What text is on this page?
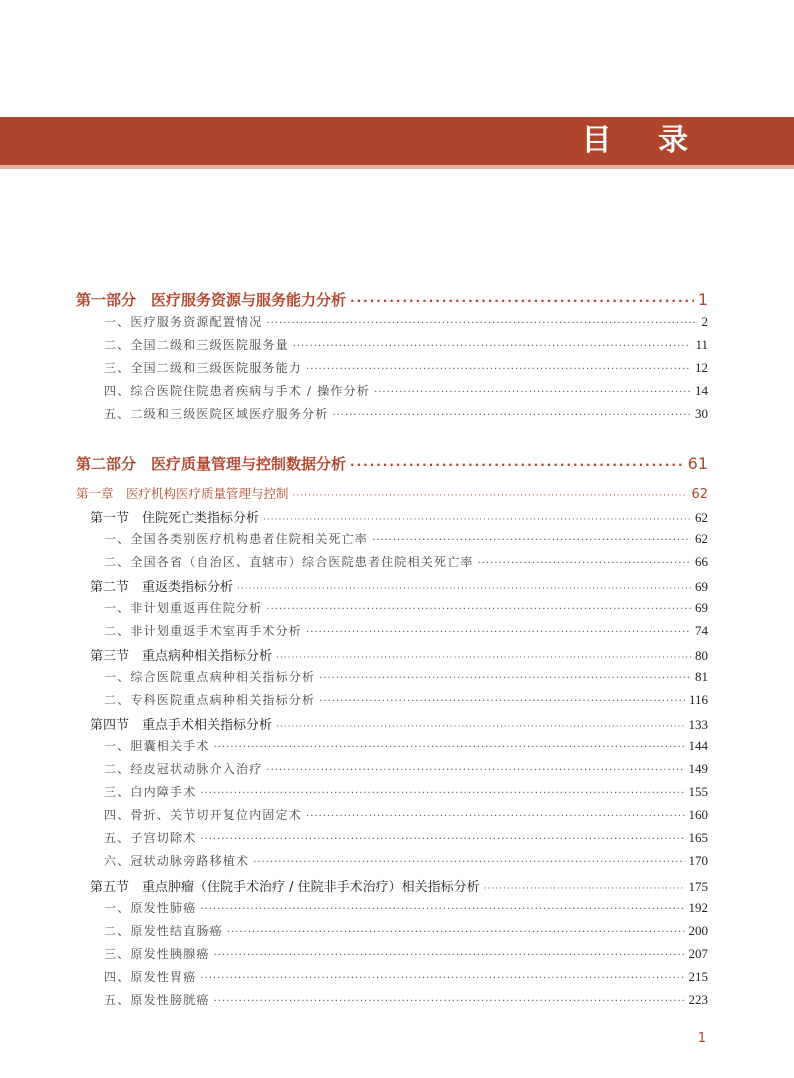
目 录
第一部分　医疗服务资源与服务能力分析 ·····	1
一、医疗服务资源配置情况 ·····	2
二、全国二级和三级医院服务量 ·····	11
三、全国二级和三级医院服务能力 ·····	12
四、综合医院住院患者疾病与手术 / 操作分析 ·····	14
五、二级和三级医院区域医疗服务分析 ·····	30
第二部分　医疗质量管理与控制数据分析 ·····	61
第一章　医疗机构医疗质量管理与控制 ·····	62
第一节　住院死亡类指标分析 ·····	62
一、全国各类别医疗机构患者住院相关死亡率 ·····	62
二、全国各省（自治区、直辖市）综合医院患者住院相关死亡率 ·····	66
第二节　重返类指标分析 ·····	69
一、非计划重返再住院分析 ·····	69
二、非计划重返手术室再手术分析 ·····	74
第三节　重点病种相关指标分析 ·····	80
一、综合医院重点病种相关指标分析 ·····	81
二、专科医院重点病种相关指标分析 ·····	116
第四节　重点手术相关指标分析 ·····	133
一、胆囊相关手术 ·····	144
二、经皮冠状动脉介入治疗 ·····	149
三、白内障手术 ·····	155
四、骨折、关节切开复位内固定术 ·····	160
五、子宫切除术 ·····	165
六、冠状动脉旁路移植术 ·····	170
第五节　重点肿瘤（住院手术治疗 / 住院非手术治疗）相关指标分析 ·····	175
一、原发性肺癌 ·····	192
二、原发性结直肠癌 ·····	200
三、原发性胰腺癌 ·····	207
四、原发性胃癌 ·····	215
五、原发性膀胱癌 ·····	223
1
